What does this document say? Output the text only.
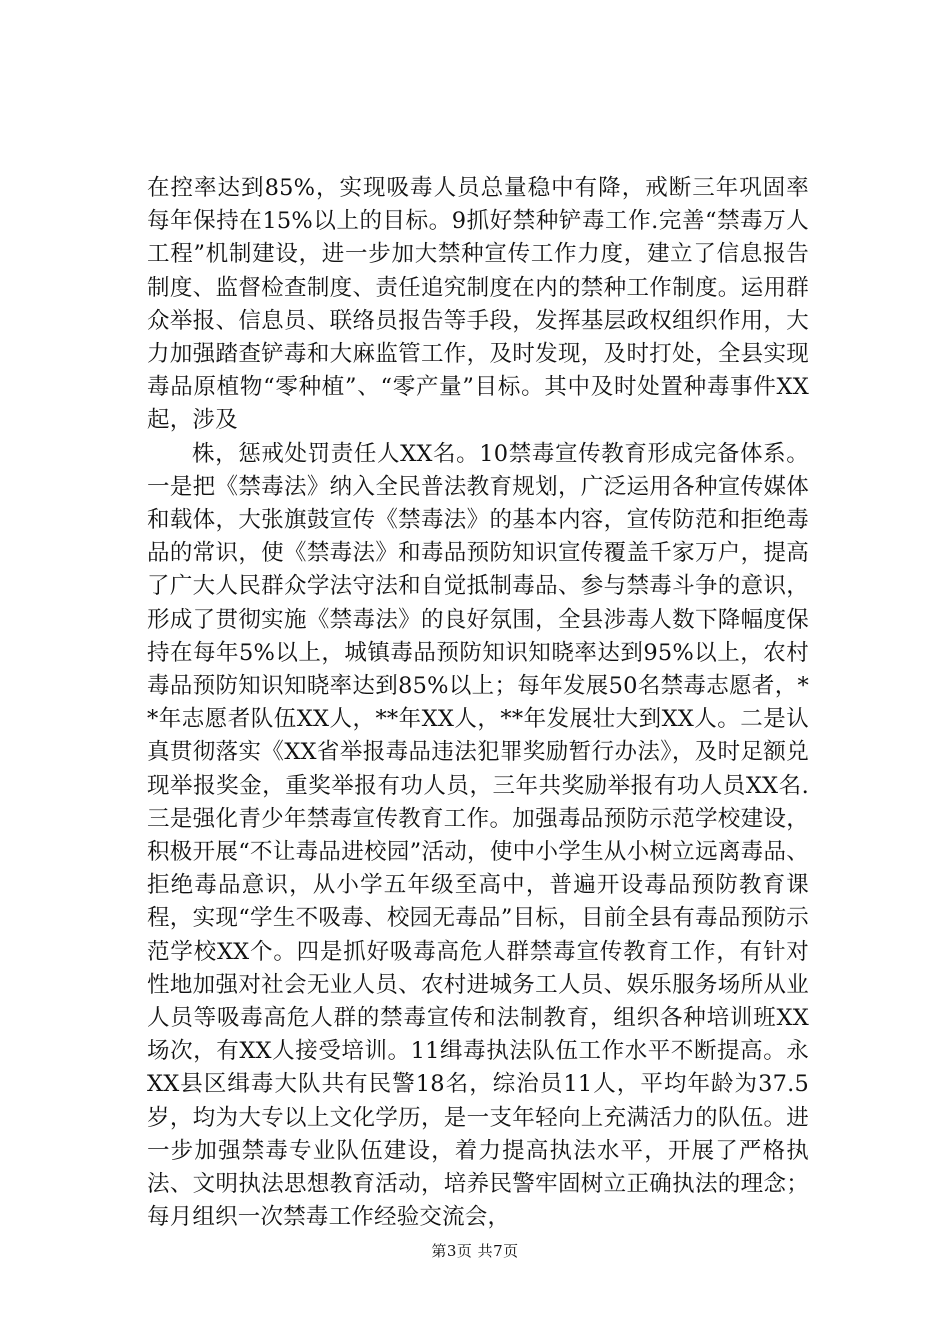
在控率达到85%，实现吸毒人员总量稳中有降，戒断三年巩固率每年保持在15%以上的目标。9抓好禁种铲毒工作.完善“禁毒万人工程”机制建设，进一步加大禁种宣传工作力度，建立了信息报告制度、监督检查制度、责任追究制度在内的禁种工作制度。运用群众举报、信息员、联络员报告等手段，发挥基层政权组织作用，大力加强踏查铲毒和大麻监管工作，及时发现，及时打处，全县实现毒品原植物“零种植”、“零产量”目标。其中及时处置种毒事件XX起，涉及

株，惩戒处罚责任人XX名。10禁毒宣传教育形成完备体系。一是把《禁毒法》纳入全民普法教育规划，广泛运用各种宣传媒体和载体，大张旗鼓宣传《禁毒法》的基本内容，宣传防范和拒绝毒品的常识，使《禁毒法》和毒品预防知识宣传覆盖千家万户，提高了广大人民群众学法守法和自觉抵制毒品、参与禁毒斗争的意识，形成了贯彻实施《禁毒法》的良好氛围，全县涉毒人数下降幅度保持在每年5%以上，城镇毒品预防知识知晓率达到95%以上，农村毒品预防知识知晓率达到85%以上；每年发展50名禁毒志愿者，**年志愿者队伍XX人，**年XX人，**年发展壮大到XX人。二是认真贯彻落实《XX省举报毒品违法犯罪奖励暂行办法》，及时足额兑现举报奖金，重奖举报有功人员，三年共奖励举报有功人员XX名.三是强化青少年禁毒宣传教育工作。加强毒品预防示范学校建设，积极开展“不让毒品进校园”活动，使中小学生从小树立远离毒品、拒绝毒品意识，从小学五年级至高中，普遍开设毒品预防教育课程，实现“学生不吸毒、校园无毒品”目标，目前全县有毒品预防示范学校XX个。四是抓好吸毒高危人群禁毒宣传教育工作，有针对性地加强对社会无业人员、农村进城务工人员、娱乐服务场所从业人员等吸毒高危人群的禁毒宣传和法制教育，组织各种培训班XX场次，有XX人接受培训。11缉毒执法队伍工作水平不断提高。永XX县区缉毒大队共有民警18名，综治员11人，平均年龄为37.5岁，均为大专以上文化学历，是一支年轻向上充满活力的队伍。进一步加强禁毒专业队伍建设，着力提高执法水平，开展了严格执法、文明执法思想教育活动，培养民警牢固树立正确执法的理念；每月组织一次禁毒工作经验交流会，

第3页 共7页
